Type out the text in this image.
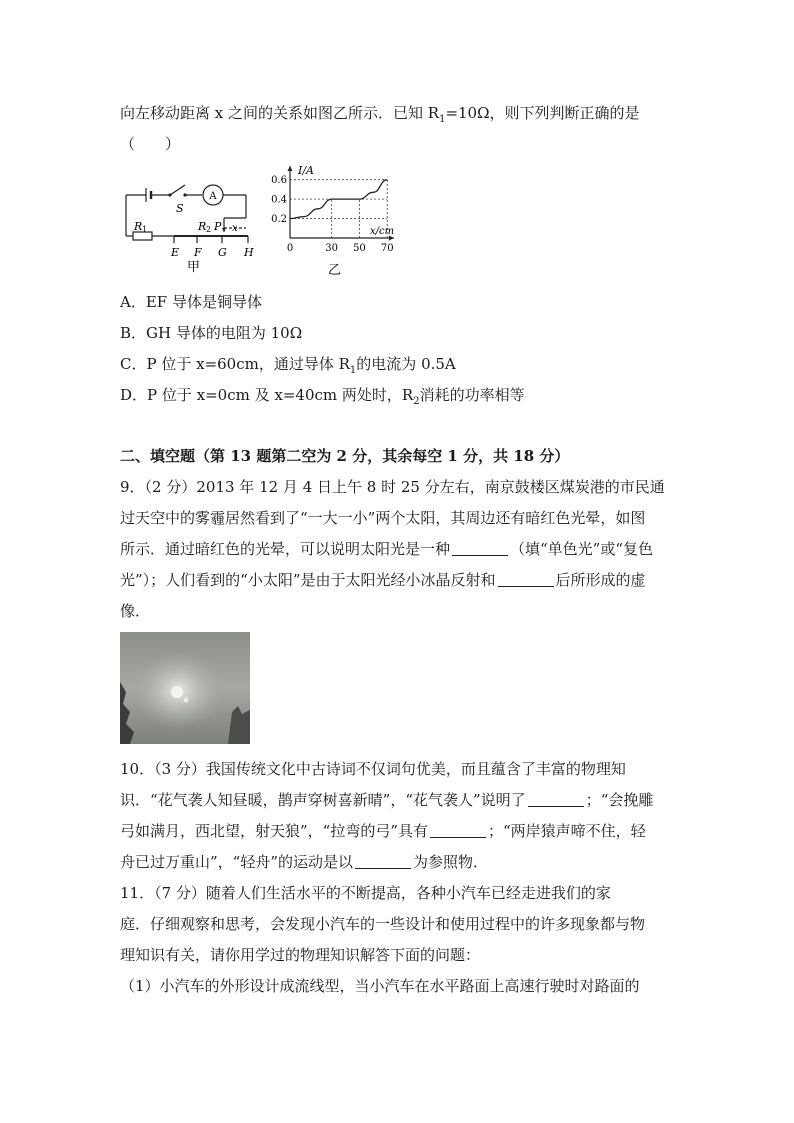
向左移动距离 x 之间的关系如图乙所示．已知 $R_1=10\Omega$，则下列判断正确的是
（　　）
A
S
R 1	R 2 P x
E F G H
甲
0.2
0.4
0.6
0	30 50 70
I/A
x/cm
乙
A．EF 导体是铜导体
B．GH 导体的电阻为 10Ω
C．P 位于 x=60cm，通过导体 $R_1$的电流为 0.5A
D．P 位于 x=0cm 及 x=40cm 两处时，$R_2$消耗的功率相等
二、填空题（第 13 题第二空为 2 分，其余每空 1 分，共 18 分）
9．（2 分）2013 年 12 月 4 日上午 8 时 25 分左右，南京鼓楼区煤炭港的市民通
过天空中的雾霾居然看到了“一大一小”两个太阳，其周边还有暗红色光晕，如图
所示．通过暗红色的光晕，可以说明太阳光是一种	（填“单色光”或“复色
光”）；人们看到的“小太阳”是由于太阳光经小冰晶反射和	后所形成的虚
像．
10．（3 分）我国传统文化中古诗词不仅词句优美，而且蕴含了丰富的物理知
识．“花气袭人知昼暖，鹊声穿树喜新晴”，“花气袭人”说明了	；“会挽雕
弓如满月，西北望，射天狼”，“拉弯的弓”具有	；“两岸猿声啼不住，轻
舟已过万重山”，“轻舟”的运动是以	为参照物．
11．（7 分）随着人们生活水平的不断提高，各种小汽车已经走进我们的家
庭．仔细观察和思考，会发现小汽车的一些设计和使用过程中的许多现象都与物
理知识有关，请你用学过的物理知识解答下面的问题：
（1）小汽车的外形设计成流线型，当小汽车在水平路面上高速行驶时对路面的
